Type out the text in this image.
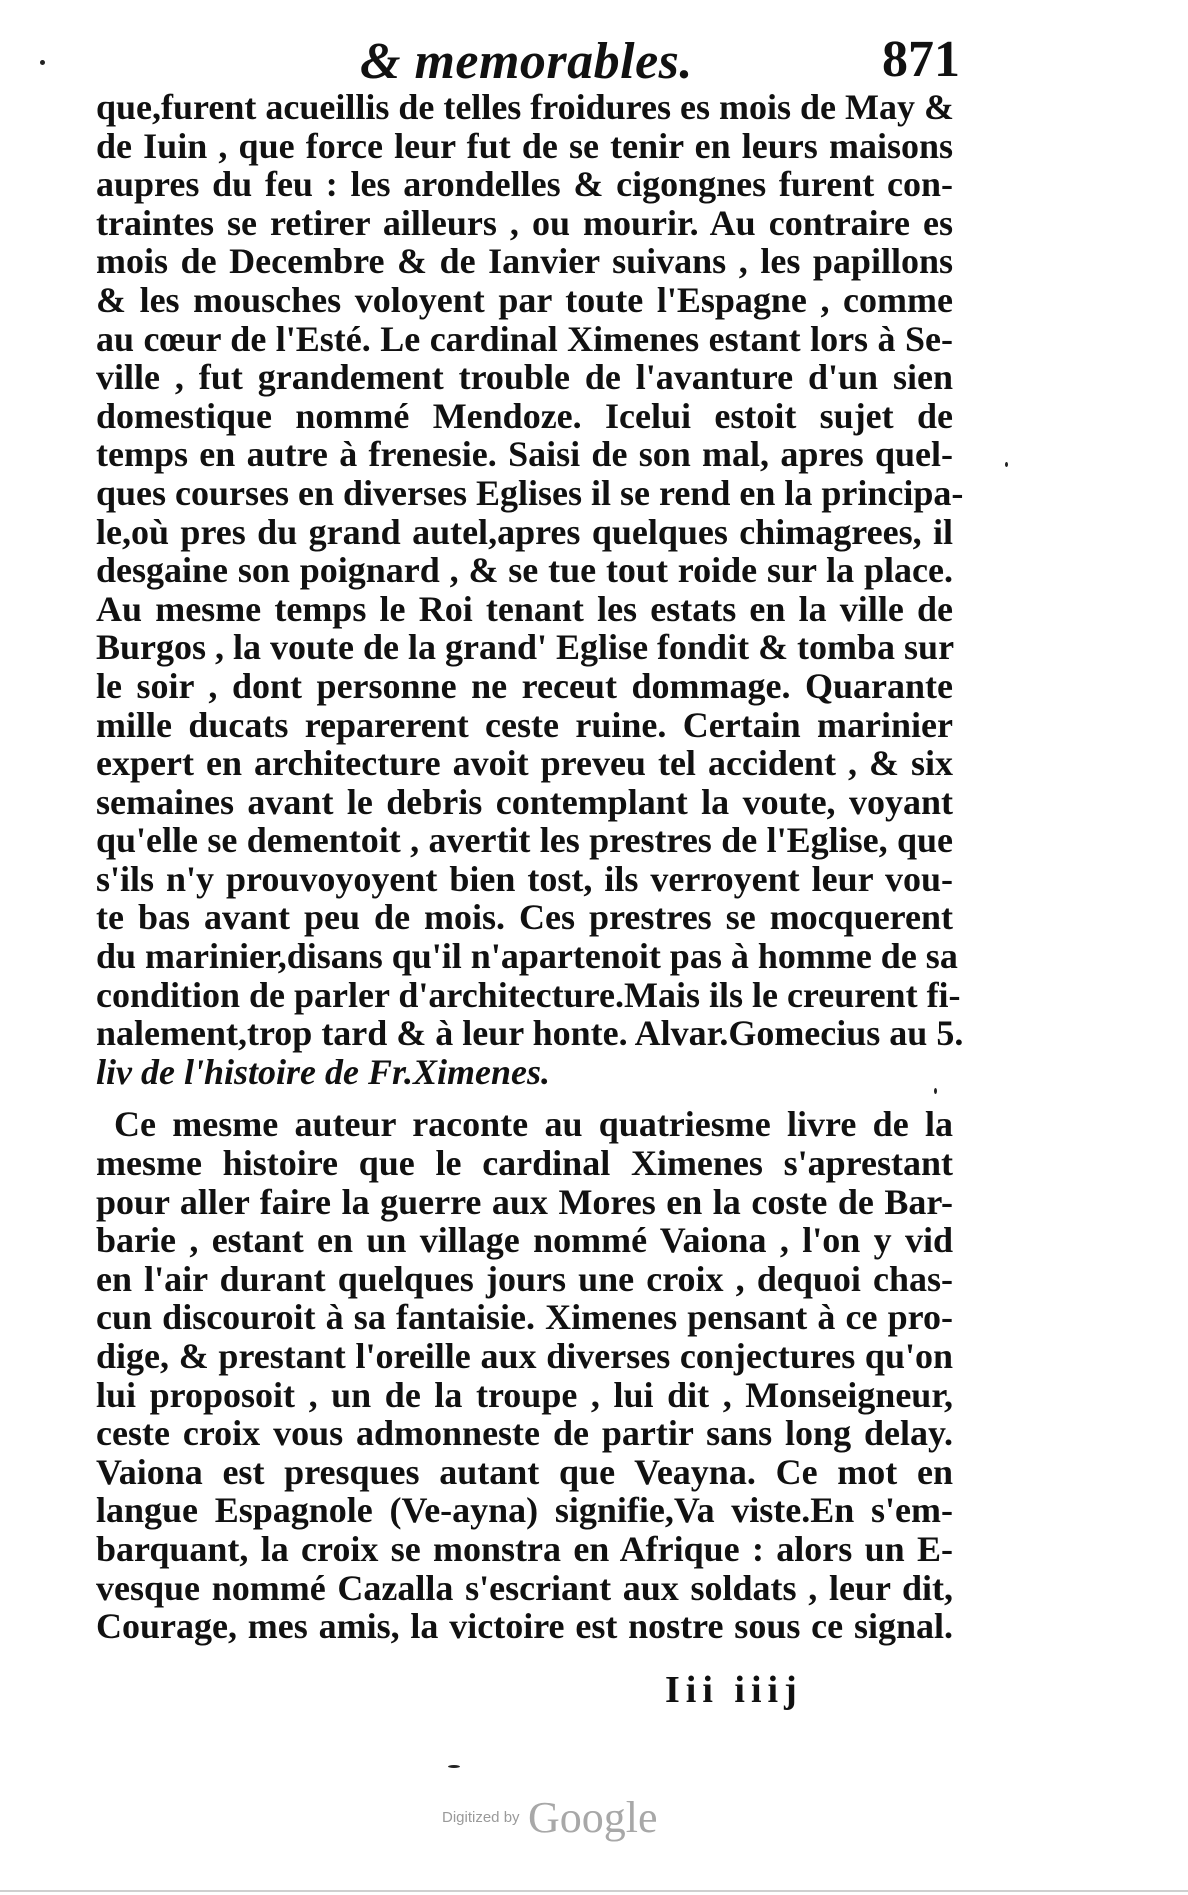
& memorables.	871
que,furent acueillis de telles froidures es mois de May &
de Iuin , que force leur fut de se tenir en leurs maisons
aupres du feu : les arondelles & cigongnes furent con-
traintes se retirer ailleurs , ou mourir. Au contraire es
mois de Decembre & de Ianvier suivans , les papillons
& les mousches voloyent par toute l'Espagne , comme
au cœur de l'Esté. Le cardinal Ximenes estant lors à Se-
ville , fut grandement trouble de l'avanture d'un sien
domestique nommé Mendoze. Icelui estoit sujet de
temps en autre à frenesie. Saisi de son mal, apres quel-
ques courses en diverses Eglises il se rend en la principa-
le,où pres du grand autel,apres quelques chimagrees, il
desgaine son poignard , & se tue tout roide sur la place.
Au mesme temps le Roi tenant les estats en la ville de
Burgos , la voute de la grand' Eglise fondit & tomba sur
le soir , dont personne ne receut dommage. Quarante
mille ducats reparerent ceste ruine. Certain marinier
expert en architecture avoit preveu tel accident , & six
semaines avant le debris contemplant la voute, voyant
qu'elle se dementoit , avertit les prestres de l'Eglise, que
s'ils n'y prouvoyoyent bien tost, ils verroyent leur vou-
te bas avant peu de mois. Ces prestres se mocquerent
du marinier,disans qu'il n'apartenoit pas à homme de sa
condition de parler d'architecture.Mais ils le creurent fi-
nalement,trop tard & à leur honte. Alvar.Gomecius au 5.
liv de l'histoire de Fr.Ximenes.
Ce mesme auteur raconte au quatriesme livre de la
mesme histoire que le cardinal Ximenes s'aprestant
pour aller faire la guerre aux Mores en la coste de Bar-
barie , estant en un village nommé Vaiona , l'on y vid
en l'air durant quelques jours une croix , dequoi chas-
cun discouroit à sa fantaisie. Ximenes pensant à ce pro-
dige, & prestant l'oreille aux diverses conjectures qu'on
lui proposoit , un de la troupe , lui dit , Monseigneur,
ceste croix vous admonneste de partir sans long delay.
Vaiona est presques autant que Veayna. Ce mot en
langue Espagnole (Ve-ayna) signifie,Va viste.En s'em-
barquant, la croix se monstra en Afrique : alors un E-
vesque nommé Cazalla s'escriant aux soldats , leur dit,
Courage, mes amis, la victoire est nostre sous ce signal.
Iii iiij
Digitized by Google
